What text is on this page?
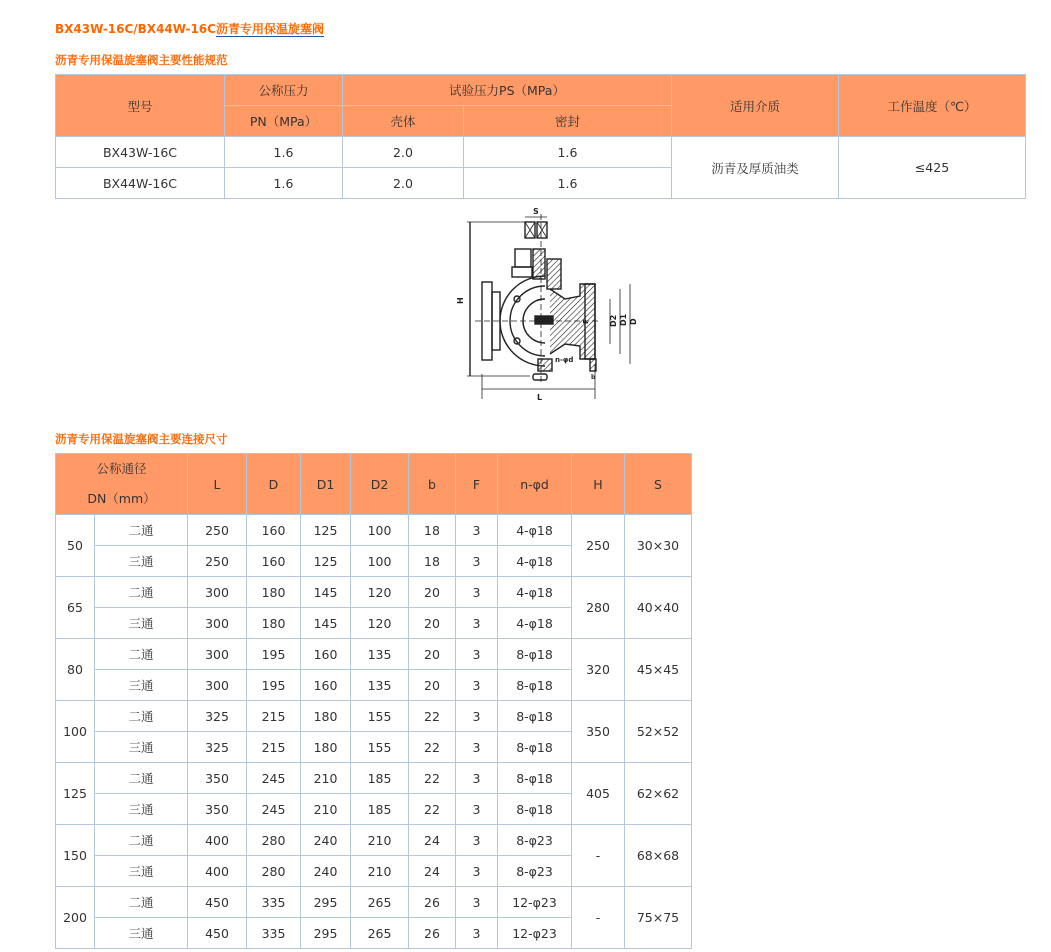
BX43W-16C/BX44W-16C沥青专用保温旋塞阀
沥青专用保温旋塞阀主要性能规范
型号	公称压力	试验压力PS（MPa）		适用介质	工作温度（℃）
	PN（MPa）	壳体	密封		
BX43W-16C	1.6	2.0	1.6	沥青及厚质油类	≤425
BX44W-16C	1.6	2.0	1.6		
S
H
D2 D1 D
F
n-φd
b
L
沥青专用保温旋塞阀主要连接尺寸
公称通径
DN（mm）		L	D	D1	D2	b	F	n-φd	H	S
50	二通	250	160	125	100	18	3	4-φ18	250	30×30
	三通	250	160	125	100	18	3	4-φ18		
65	二通	300	180	145	120	20	3	4-φ18	280	40×40
	三通	300	180	145	120	20	3	4-φ18		
80	二通	300	195	160	135	20	3	8-φ18	320	45×45
	三通	300	195	160	135	20	3	8-φ18		
100	二通	325	215	180	155	22	3	8-φ18	350	52×52
	三通	325	215	180	155	22	3	8-φ18		
125	二通	350	245	210	185	22	3	8-φ18	405	62×62
	三通	350	245	210	185	22	3	8-φ18		
150	二通	400	280	240	210	24	3	8-φ23	-	68×68
	三通	400	280	240	210	24	3	8-φ23		
200	二通	450	335	295	265	26	3	12-φ23	-	75×75
	三通	450	335	295	265	26	3	12-φ23		
